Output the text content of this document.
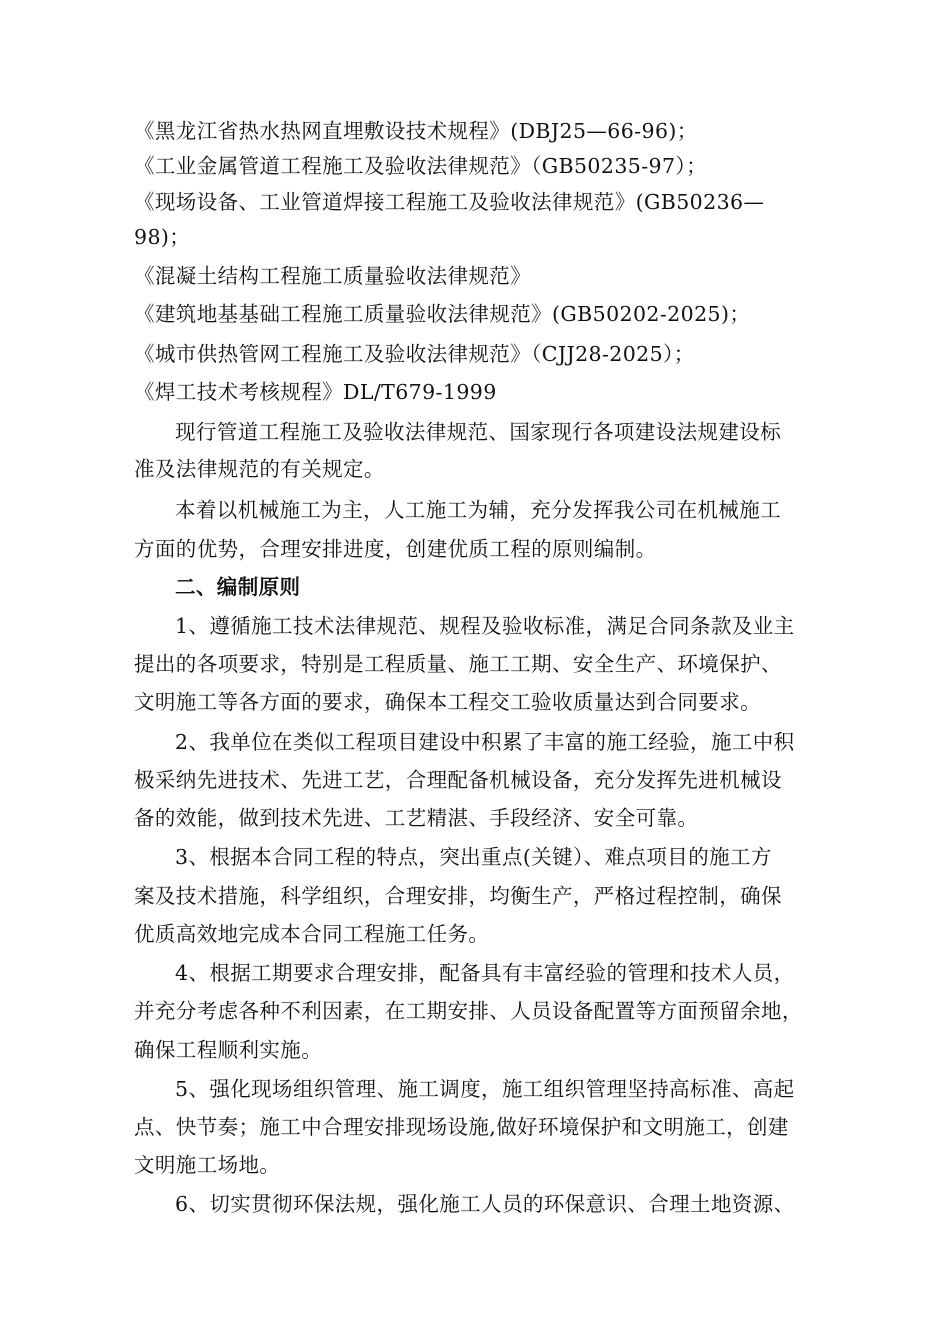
《黑龙江省热水热网直埋敷设技术规程》(DBJ25—66-96)；
《工业金属管道工程施工及验收法律规范》（GB50235-97）；
《现场设备、工业管道焊接工程施工及验收法律规范》(GB50236—
98)；
《混凝土结构工程施工质量验收法律规范》
《建筑地基基础工程施工质量验收法律规范》(GB50202-2025)；
《城市供热管网工程施工及验收法律规范》（CJJ28-2025）；
《焊工技术考核规程》DL/T679-1999
现行管道工程施工及验收法律规范、国家现行各项建设法规建设标
准及法律规范的有关规定。
本着以机械施工为主，人工施工为辅，充分发挥我公司在机械施工
方面的优势，合理安排进度，创建优质工程的原则编制。
二、编制原则
1、遵循施工技术法律规范、规程及验收标准，满足合同条款及业主
提出的各项要求，特别是工程质量、施工工期、安全生产、环境保护、
文明施工等各方面的要求，确保本工程交工验收质量达到合同要求。
2、我单位在类似工程项目建设中积累了丰富的施工经验，施工中积
极采纳先进技术、先进工艺，合理配备机械设备，充分发挥先进机械设
备的效能，做到技术先进、工艺精湛、手段经济、安全可靠。
3、根据本合同工程的特点，突出重点(关键）、难点项目的施工方
案及技术措施，科学组织，合理安排，均衡生产，严格过程控制，确保
优质高效地完成本合同工程施工任务。
4、根据工期要求合理安排，配备具有丰富经验的管理和技术人员，
并充分考虑各种不利因素，在工期安排、人员设备配置等方面预留余地，
确保工程顺利实施。
5、强化现场组织管理、施工调度，施工组织管理坚持高标准、高起
点、快节奏；施工中合理安排现场设施,做好环境保护和文明施工，创建
文明施工场地。
6、切实贯彻环保法规，强化施工人员的环保意识、合理土地资源、
